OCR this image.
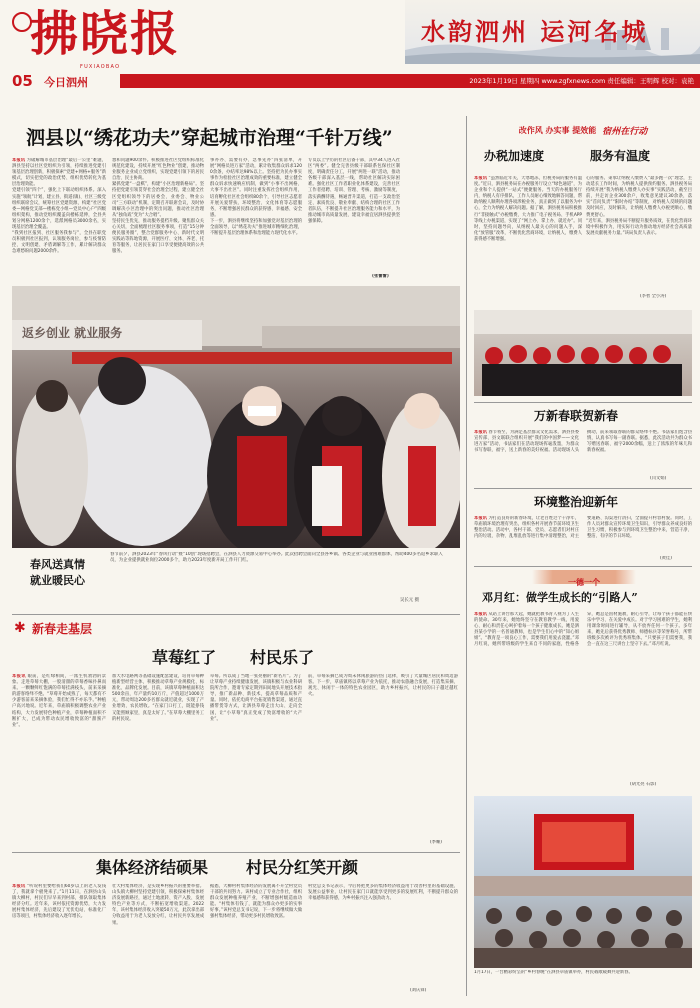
拂晓报
FUXIAOBAO
水韵泗州 运河名城
05 今日泗州	2023年1月19日 星期四 www.zgfxnews.com 责任编辑：王明辉 校对：袁艳
泗县以“绣花功夫”穿起城市治理“千针万线”
本报讯 为破解城市基层治理“最后一公里”难题，泗县坚持以社区党组织为引领，持续推进党建引领基层治理创新，积极探索“党建+网格+服务”新模式，切实把党的政治优势、组织优势转化为基层治理效能。
党建引领“四个”，强化上下联动组织体系。深入实施“领航”计划，建立县、街道(镇)、社区三级党组织联席会议，统筹社区党建资源，构建“社区党委—网格党支部—楼栋党小组—党员中心户”四级组织架构，推动党组织覆盖向楼栋延伸，全县共划分网格1200余个，选派网格员3000余名，实现基层治理全覆盖。
“我到社区报到、社区服务我参与”，全县在职党员积极到社区报到，认领服务岗位，参与疫情防控、文明创建、矛盾调解等工作，累计解决群众急难愁盼问题2000余件。
想和问题900余件。积极推进社区党组织标准化规范化建设，持续开展“红色物业”创建，推动物业服务企业成立党组织，实现党建引领下的居民自治、民主协商。
紧抓党建“一盘棋”，构建“小区治理新格局”。坚持把党建引领贯穿社会治理全过程，建立健全社区党组织领导下的居委会、业委会、物业公司“三方联动”机制，定期召开联席会议，及时协调解决小区治理中的突出问题，推动社区治理从“独角戏”变为“大合唱”。
坚持民生优先，推动服务提档升级。聚焦群众关心关切，全面梳理社区服务事项，打造“15分钟便民服务圈”，整合党群服务中心、新时代文明实践站等阵地资源，开展医疗、文体、养老、托育等服务，让居民在家门口享受便捷高效的公共服务。
事办办、需要有办、急事先办”四张清单，开展“网格员进万家”活动，累计收集群众诉求1200余条，办结率达98%以上。坚持把为民办事实事作为检验社区治理成效的重要标准，建立健全群众诉求快速响应机制，做到“小事不出网格、大事不出社区”。同时注重发挥社会组织作用，培育孵化社区社会组织80余个，引导社区志愿者开展关爱帮扶、环境整治、文化体育等志愿服务，不断增强居民群众的获得感、幸福感、安全感。
下一步，泗县将继续坚持和加强党对基层治理的全面领导，以“绣花功夫”推进城市精细化治理，不断提升基层治理体系和治理能力现代化水平。
专员以上学历的社区后备干部，其中34人进入社区“两委”。健全完善县级干部联系包保社区制度，明确责任分工，开展“两进一联”活动，推动各级干部深入基层一线，帮助社区解决实际困难。强化社区工作者职业化体系建设，完善社区工作者招聘、培训、管理、考核、激励等制度，落实薪酬待遇，畅通晋升渠道，打造一支政治坚定、素质优良、敬业奉献、结构合理的社区工作者队伍，不断提升社区治理服务能力和水平，为推动城市高质量发展、建设幸福宜居泗县提供坚强保障。
(张蕾蕾)
返乡创业 就业服务
春风送真情
就业暖民心
春节前夕，泗县2023年“春风行动”暨“10创”现场招聘会，在泗县人力资源交易中心举办。此次招聘会面向全县各乡镇、各类企业与就业困难群体，帮助400多名返乡求职人员，为企业提供就业岗位2000多个，助力2023年度新开局工作开门红。
吴长元 摄
改作风 办实事 提效能 宿州在行动
办税加速度	服务有温度
本报讯 “虽然临近年关，天寒地冻，但税务局的服务有温度。”近日，泗县税务局在办税服务厅设立“绿色通道”，为企业和个人提供“一站式”便捷服务。当天的办税服务厅内，纳税人有序排队，工作人员耐心细致地解答问题，帮助纳税人顺利办理各项涉税业务，真正做到了以服务为中心，全力为纳税人解决问题。据了解，泗县税务局积极推行“非接触式”办税缴费，大力推广电子税务局、手机APP等线上办税渠道，实现了“网上办、掌上办、就近办”。同时，坚持问题导向，从纳税人最关心的问题入手，深化“放管服”改革，不断优化营商环境，让纳税人、缴费人获得感不断增强。
心的服务。秉承让纳税人缴费人“最多跑一次”理念，主动延长工作时间，为纳税人提供预约服务。泗县税务局持续开展“我为纳税人缴费人办实事”实践活动，截至目前，共走访企业300余户，收集意见建议30余条，落实“首问负责”“限时办结”等制度，对纳税人反映的问题及时回应，及时解决，让纳税人缴费人办税更顺心、缴费更舒心。
“近年来，泗县税务局不断提升服务质效，在优化营商环境中积极作为，用实际行动为推动地方经济社会高质量发展贡献税务力量。”该局负责人表示。
(李智 全小涛)
万新春联贺新春
本报讯 春节将至，为满足基层群众文化需求，泗县县委宣传部、县文联联合组织开展“我们的中国梦——文化进万家”活动，书法家们在活动现场挥毫泼墨，为群众书写春联、福字，送上新春的美好祝福。活动现场人头攒动，前来领取春联的群众络绎不绝。书法家们饱含热情，认真书写每一副春联。据悉，此次活动共为群众书写赠送春联、福字2000余幅，送上了浓浓的年味儿和新春祝福。
(闫文娟)
环境整治迎新年
本报讯 为打造良好的新春环境，让老百姓过个干净年，草庙镇环境治理有突出，组织各村开展春节前环境卫生整治活动。活动中，各村干部、党员、志愿者们对村庄内的垃圾、杂物、乱堆乱放等进行集中清理整治，对主要道路、沟渠进行清扫，全面提升村容村貌。同时，工作人员对群众宣传环境卫生知识，引导群众养成良好的卫生习惯，积极参与到环境卫生整治中来，营造干净、整洁、有序的节日环境。
(黄佳)
一德一个
邓月红：做学生成长的“引路人”
本报讯 从站上讲台那天起，她就把教书育人视为了人生的使命。30年来，她始终坚守在教育教学一线，用爱心、耐心和责任心呵护着每一个孩子健康成长。她是泗县某小学的一名普通教师，也是学生们心中的“知心姐姐”。“教育是一项良心工作，需要我们用爱去浇灌。”邓月红说，她所带班级的学生来自不同的家庭，性格各异，她总是因材施教，耐心引导，让每个孩子都能在快乐中学习、在关爱中成长。对于学习困难的学生，她利用课余时间进行辅导，从不放弃任何一个孩子。多年来，她先后获得优秀教师、师德标兵等荣誉称号，所带班级多次被评为优秀班集体。“只要孩子们需要我，我会一直在这三尺讲台上坚守下去。”邓月红说。
(胡光亮 石影)
1月17日，一台精彩纷呈的“乡村春晚”在泗县草庙镇举办，村民载歌载舞共迎新春。
✱ 新春走基层
草莓红了 村民乐了
本报讯 眼前，是红绿相间，一派生机勃勃的景象。走进草莓大棚，一股清甜的草莓香味扑鼻而来。一颗颗鲜红饱满的草莓挂满枝头，前来采摘的游客络绎不绝。“草莓开始成熟了，每天都有不少游客前来采摘体验，我们忙得不亦乐乎。”种植户高兴地说。近年来，草庙镇积极调整农业产业结构，大力发展特色种植产业，草莓种植面积不断扩大，已成为带动农民增收致富的“甜蜜产业”。
加大水电路网等基础设施配套建设，培育草莓种植新型经营主体，积极推动草莓产业规模化、标准化、品牌化发展。目前，该镇草莓种植面积达500余亩，年产量约10万斤，产值超过1000万元，带动周边200多名群众就近就业，实现了产业增效、农民增收。“在家门口打工，既能挣钱又能照顾家里，真是太好了。”在草莓大棚里务工的村民说。
草莓。所以成了当地一张亮丽的“新名片”。为了让草莓产业持续健康发展，该镇积极与农业科研院所合作，邀请专家定期到田间地头开展技术指导，推广新品种、新技术，提高草莓品质和产量。同时，依托电商平台拓宽销售渠道，通过直播带货等方式，让泗县草莓走出大山、走向全国，让“小草莓”真正变成了致富增收的“大产业”。
前，草莓采摘已成为周末休闲旅游的热门选择，吸引了大量城区居民和周边游客。下一步，草庙镇将以草莓产业为依托，推动农旅融合发展，打造集采摘、观光、休闲于一体的特色农业园区，助力乡村振兴，让村民的日子越过越红火。
(季姗)
集体经济结硕果 村民分红笑开颜
本报讯 “听说村里要给我们60岁以上的老人发钱了，我就拿个板凳来了。”1月11日，在泗县山头镇大柳村，村民们早早来到村部，排队领取集体经济分红。近年来，该村依托资源优势，大力发展村集体经济，先后建设了光伏电站、标准化厂房等项目，村集体经济收入逐年增长。
壮大村集体经济，是实现乡村振兴的重要举措。山头镇大柳村坚持党建引领，积极探索村集体经济发展新路径，通过土地流转、资产入股、发展特色产业等方式，不断拓宽增收渠道。2022年，该村集体经济收入突破50万元，此次拿出部分收益用于为老人发放分红，让村民共享发展成果。
据悉，大柳村村集体经济的发展离不开全村党员干部的共同努力。该村成立了专业合作社，组织群众发展种植养殖产业，不断增强村级造血功能。“村集体有钱了，就能为群众办更多的实事好事。”该村党总支书记说，下一步将继续做大做强村集体经济，带动更多村民增收致富。
村党总支书记表示，今后将把更多的集体经济收益用于改善村里的基础设施、发展公益事业，让村民在家门口就能享受到更多的发展红利，不断提升群众的幸福感和获得感，为乡村振兴注入强劲动力。
(刘庆锋)
